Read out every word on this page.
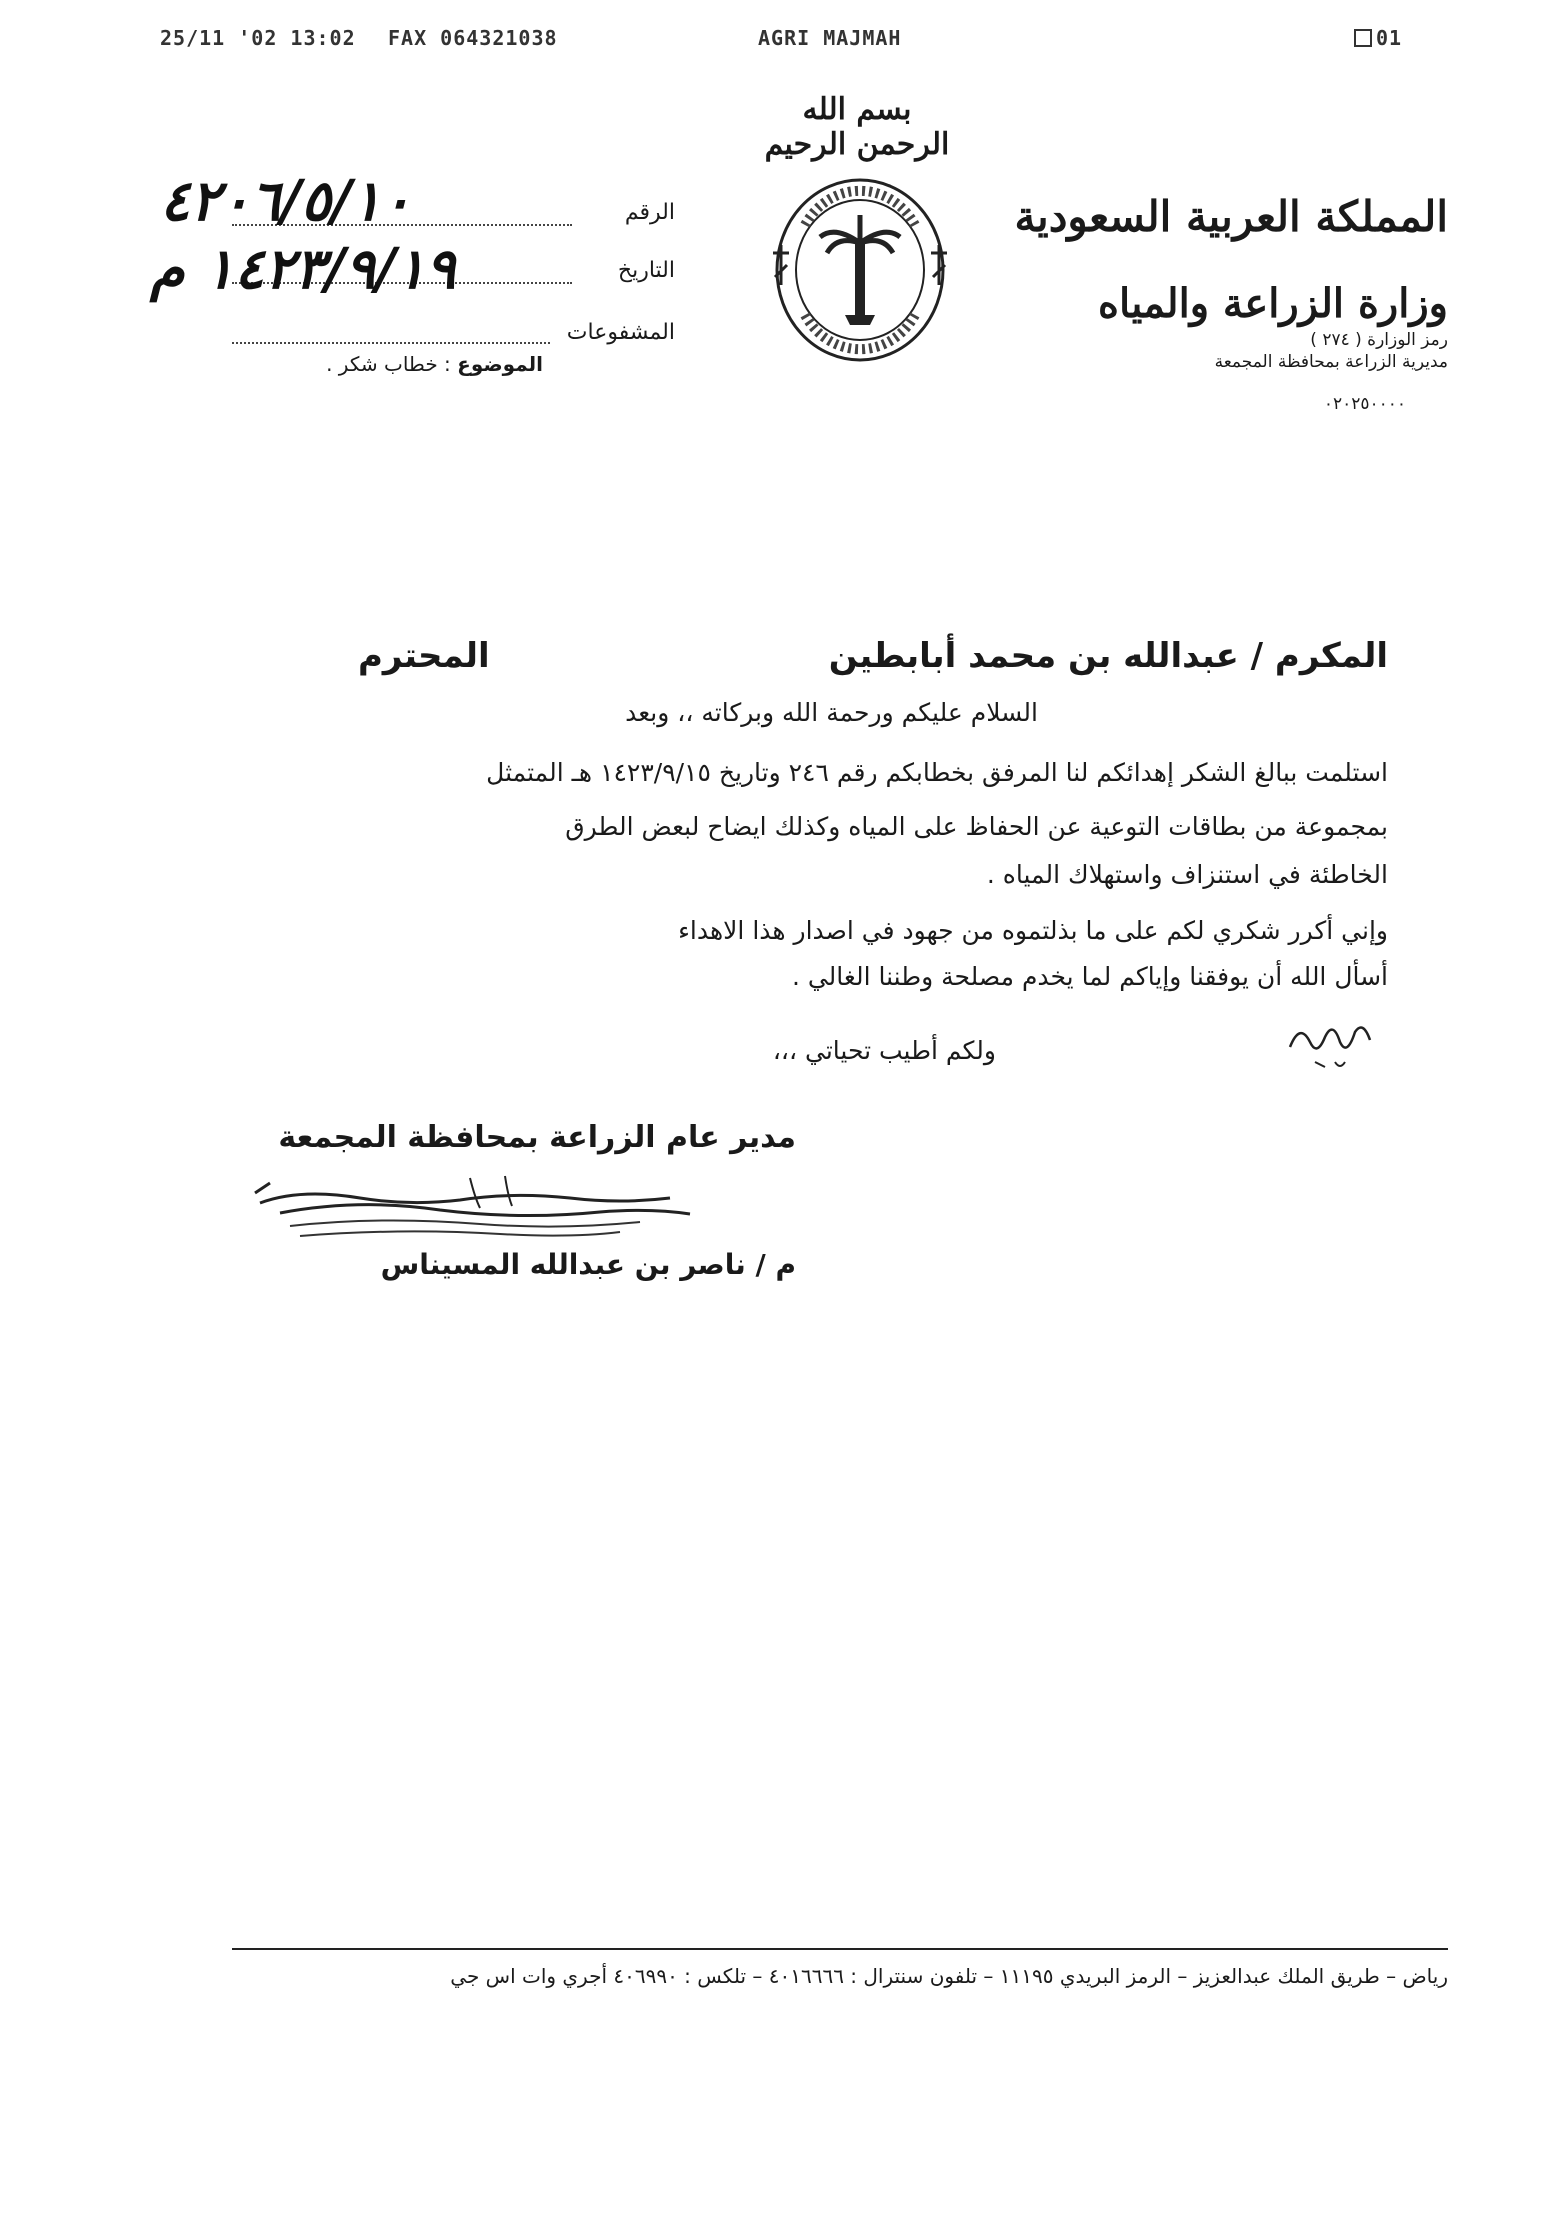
25/11 '02 13:02 FAX 064321038	AGRI MAJMAH	01
بسم الله الرحمن الرحيم
المملكة العربية السعودية
وزارة الزراعة والمياه
رمز الوزارة ( ٢٧٤ )
مديرية الزراعة بمحافظة المجمعة
٠٢٠٢٥٠٠٠٠
الرقم
٤٢٠٦/٥/١٠
التاريخ
١٤٢٣/٩/١٩ م
المشفوعات
الموضوع : خطاب شكر .
المكرم / عبدالله بن محمد أبابطين
المحترم
السلام عليكم ورحمة الله وبركاته ،، وبعد
استلمت ببالغ الشكر إهدائكم لنا المرفق بخطابكم رقم ٢٤٦ وتاريخ ١٤٢٣/٩/١٥ هـ المتمثل
بمجموعة من بطاقات التوعية عن الحفاظ على المياه وكذلك ايضاح لبعض الطرق
الخاطئة في استنزاف واستهلاك المياه .
وإني أكرر شكري لكم على ما بذلتموه من جهود في اصدار هذا الاهداء
أسأل الله أن يوفقنا وإياكم لما يخدم مصلحة وطننا الغالي .
ولكم أطيب تحياتي ،،،
مدير عام الزراعة بمحافظة المجمعة
م / ناصر بن عبدالله المسيناس
رياض – طريق الملك عبدالعزيز – الرمز البريدي ١١١٩٥ – تلفون سنترال : ٤٠١٦٦٦٦ – تلكس : ٤٠٦٩٩٠ أجري وات اس جي
